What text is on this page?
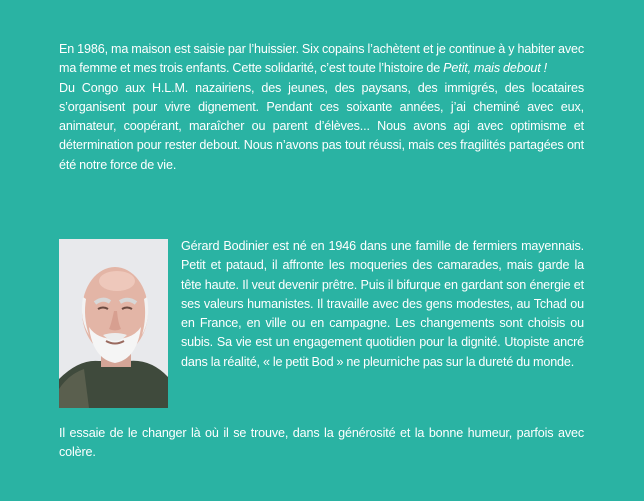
En 1986, ma maison est saisie par l’huissier. Six copains l’achètent et je continue à y habiter avec ma femme et mes trois enfants. Cette solidarité, c’est toute l’histoire de Petit, mais debout !

Du Congo aux H.L.M. nazairiens, des jeunes, des paysans, des immigrés, des locataires s’organisent pour vivre dignement. Pendant ces soixante années, j’ai cheminé avec eux, animateur, coopérant, maraîcher ou parent d’élèves... Nous avons agi avec optimisme et détermination pour rester debout. Nous n’avons pas tout réussi, mais ces fragilités partagées ont été notre force de vie.

Gérard Bodinier est né en 1946 dans une famille de fermiers mayennais. Petit et pataud, il affronte les moqueries des camarades, mais garde la tête haute. Il veut devenir prêtre. Puis il bifurque en gardant son énergie et ses valeurs humanistes. Il travaille avec des gens modestes, au Tchad ou en France, en ville ou en campagne. Les changements sont choisis ou subis. Sa vie est un engagement quotidien pour la dignité. Utopiste ancré dans la réalité, « le petit Bod » ne pleurniche pas sur la dureté du monde.

Il essaie de le changer là où il se trouve, dans la générosité et la bonne humeur, parfois avec colère.
